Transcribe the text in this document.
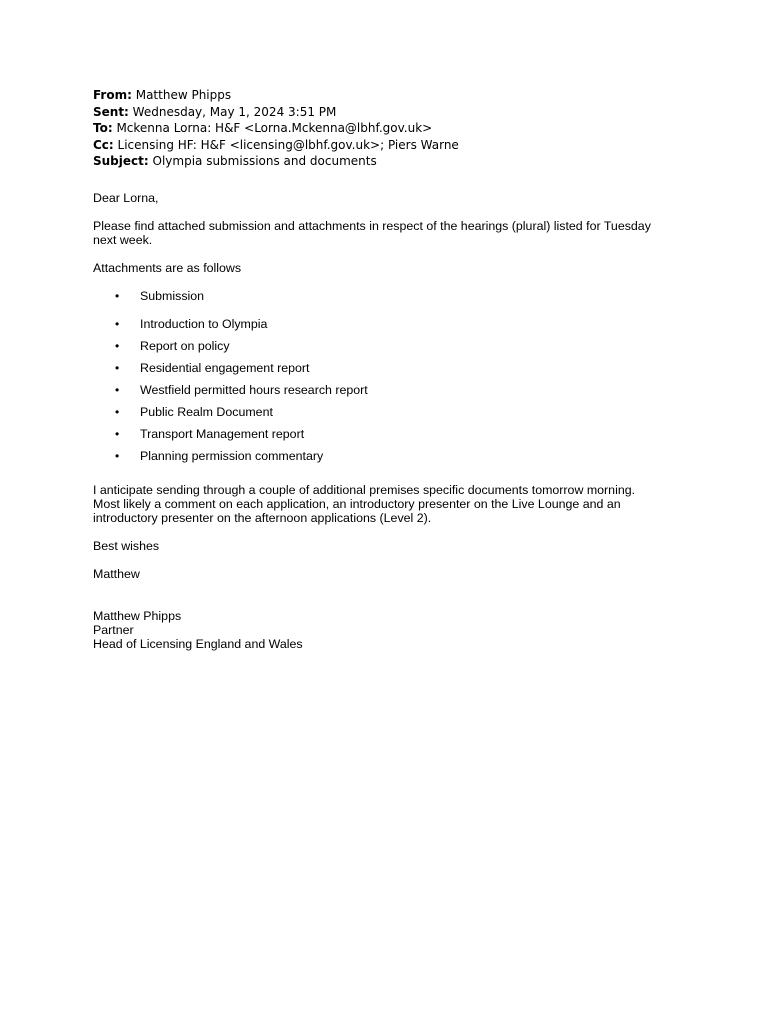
From: Matthew Phipps
Sent: Wednesday, May 1, 2024 3:51 PM
To: Mckenna Lorna: H&F <Lorna.Mckenna@lbhf.gov.uk>
Cc: Licensing HF: H&F <licensing@lbhf.gov.uk>; Piers Warne
Subject: Olympia submissions and documents

Dear Lorna,

Please find attached submission and attachments in respect of the hearings (plural) listed for Tuesday
next week.

Attachments are as follows

• Submission
• Introduction to Olympia
• Report on policy
• Residential engagement report
• Westfield permitted hours research report
• Public Realm Document
• Transport Management report
• Planning permission commentary

I anticipate sending through a couple of additional premises specific documents tomorrow morning.
Most likely a comment on each application, an introductory presenter on the Live Lounge and an
introductory presenter on the afternoon applications (Level 2).

Best wishes

Matthew

Matthew Phipps
Partner
Head of Licensing England and Wales
